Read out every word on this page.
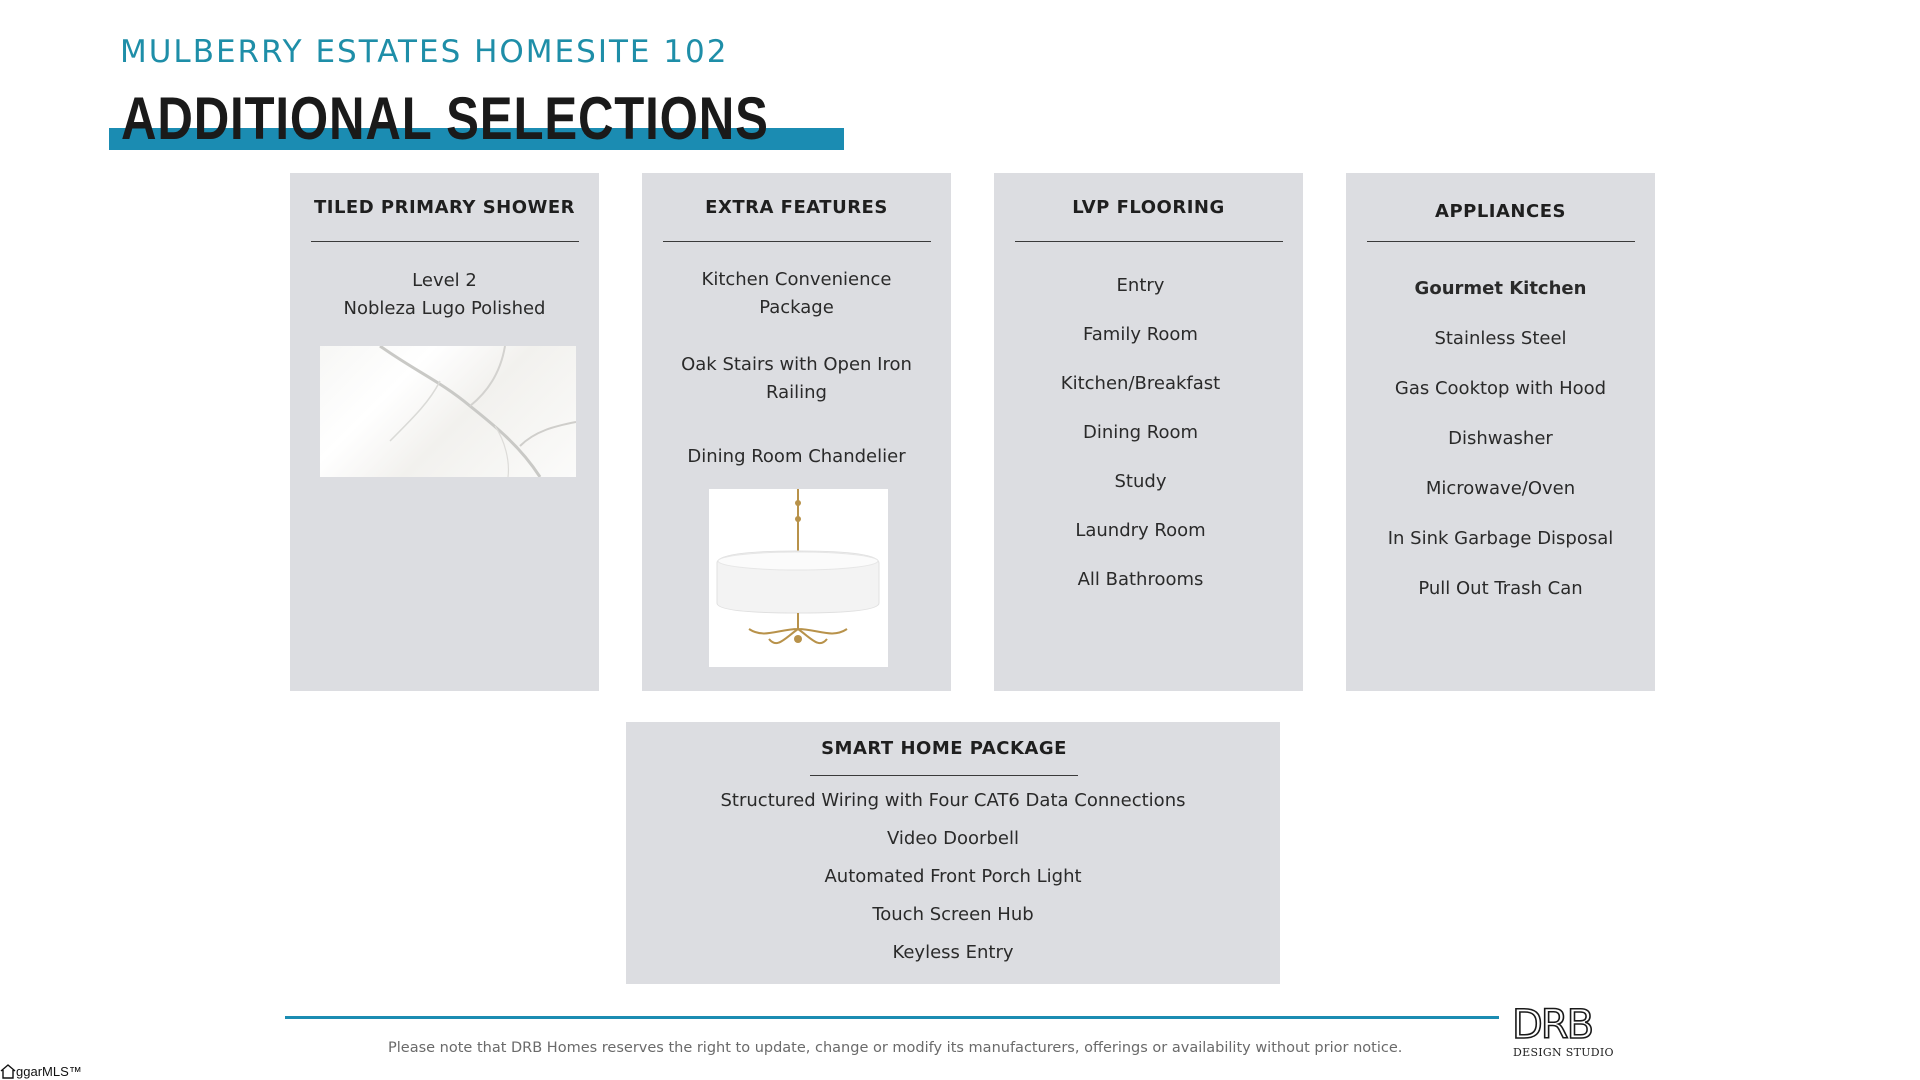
MULBERRY ESTATES HOMESITE 102
ADDITIONAL SELECTIONS
TILED PRIMARY SHOWER
Level 2
Nobleza Lugo Polished
EXTRA FEATURES
Kitchen Convenience
Package
Oak Stairs with Open Iron
Railing
Dining Room Chandelier
LVP FLOORING
Entry
Family Room
Kitchen/Breakfast
Dining Room
Study
Laundry Room
All Bathrooms
APPLIANCES
Gourmet Kitchen
Stainless Steel
Gas Cooktop with Hood
Dishwasher
Microwave/Oven
In Sink Garbage Disposal
Pull Out Trash Can
SMART HOME PACKAGE
Structured Wiring with Four CAT6 Data Connections
Video Doorbell
Automated Front Porch Light
Touch Screen Hub
Keyless Entry
Please note that DRB Homes reserves the right to update, change or modify its manufacturers, offerings or availability without prior notice.	DRB
DESIGN STUDIO
ggarMLS™
